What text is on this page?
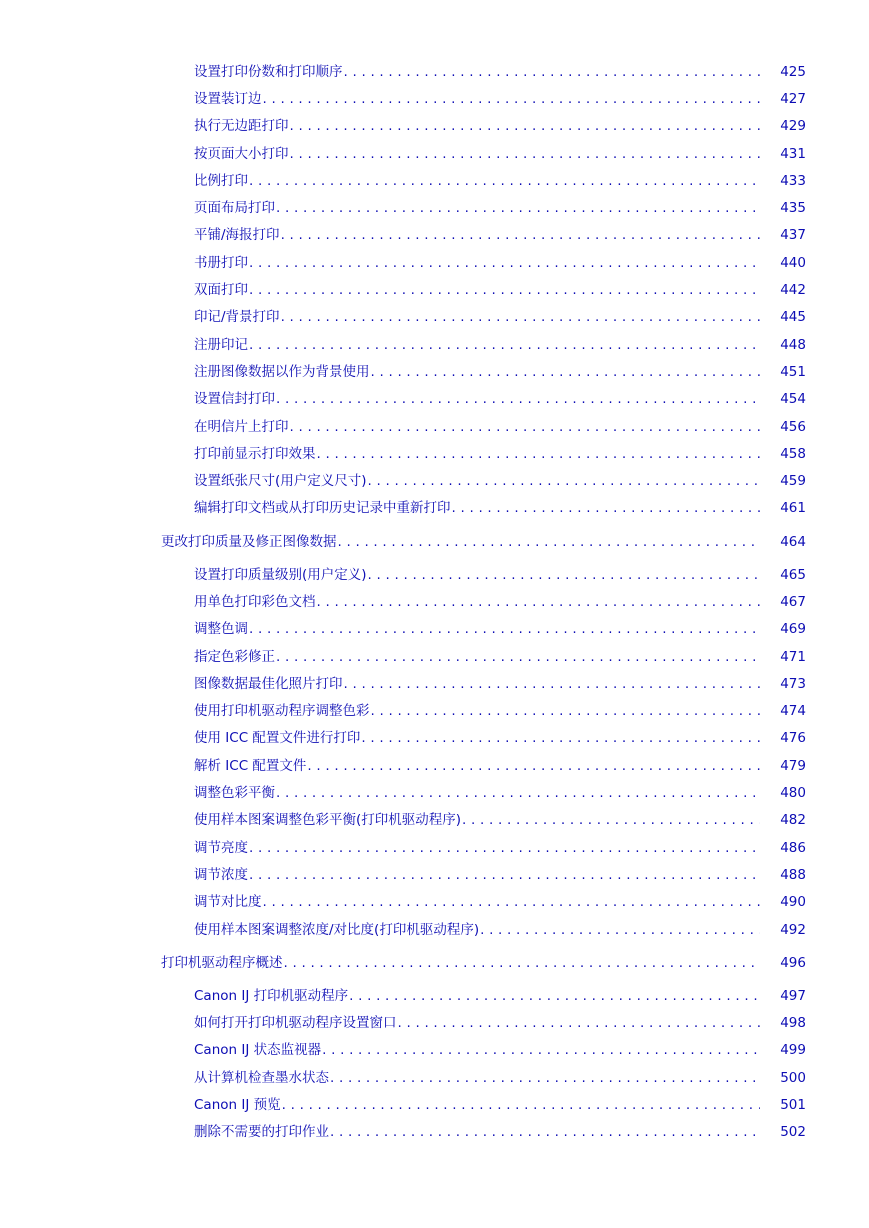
设置打印份数和打印顺序 . . .	425
设置装订边 . . .	427
执行无边距打印 . . .	429
按页面大小打印 . . .	431
比例打印 . . .	433
页面布局打印 . . .	435
平铺/海报打印 . . .	437
书册打印 . . .	440
双面打印 . . .	442
印记/背景打印 . . .	445
注册印记 . . .	448
注册图像数据以作为背景使用 . . .	451
设置信封打印 . . .	454
在明信片上打印 . . .	456
打印前显示打印效果 . . .	458
设置纸张尺寸(用户定义尺寸) . . .	459
编辑打印文档或从打印历史记录中重新打印 . . .	461
更改打印质量及修正图像数据 . . .	464
设置打印质量级别(用户定义) . . .	465
用单色打印彩色文档 . . .	467
调整色调 . . .	469
指定色彩修正 . . .	471
图像数据最佳化照片打印 . . .	473
使用打印机驱动程序调整色彩 . . .	474
使用 ICC 配置文件进行打印 . . .	476
解析 ICC 配置文件 . . .	479
调整色彩平衡 . . .	480
使用样本图案调整色彩平衡(打印机驱动程序) . . .	482
调节亮度 . . .	486
调节浓度 . . .	488
调节对比度 . . .	490
使用样本图案调整浓度/对比度(打印机驱动程序) . . .	492
打印机驱动程序概述 . . .	496
Canon IJ 打印机驱动程序 . . .	497
如何打开打印机驱动程序设置窗口 . . .	498
Canon IJ 状态监视器 . . .	499
从计算机检查墨水状态 . . .	500
Canon IJ 预览 . . .	501
删除不需要的打印作业 . . .	502
